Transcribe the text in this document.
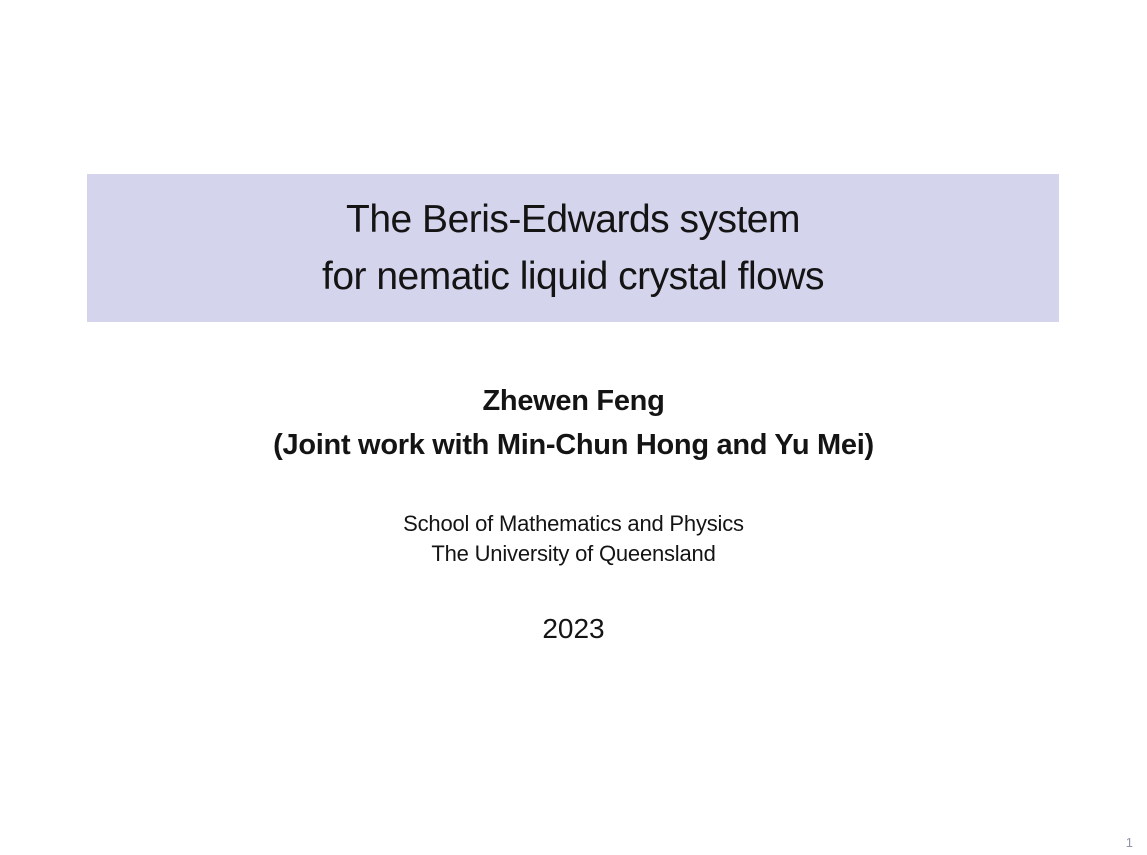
The Beris-Edwards system
for nematic liquid crystal flows
Zhewen Feng
(Joint work with Min-Chun Hong and Yu Mei)
School of Mathematics and Physics
The University of Queensland
2023
1
